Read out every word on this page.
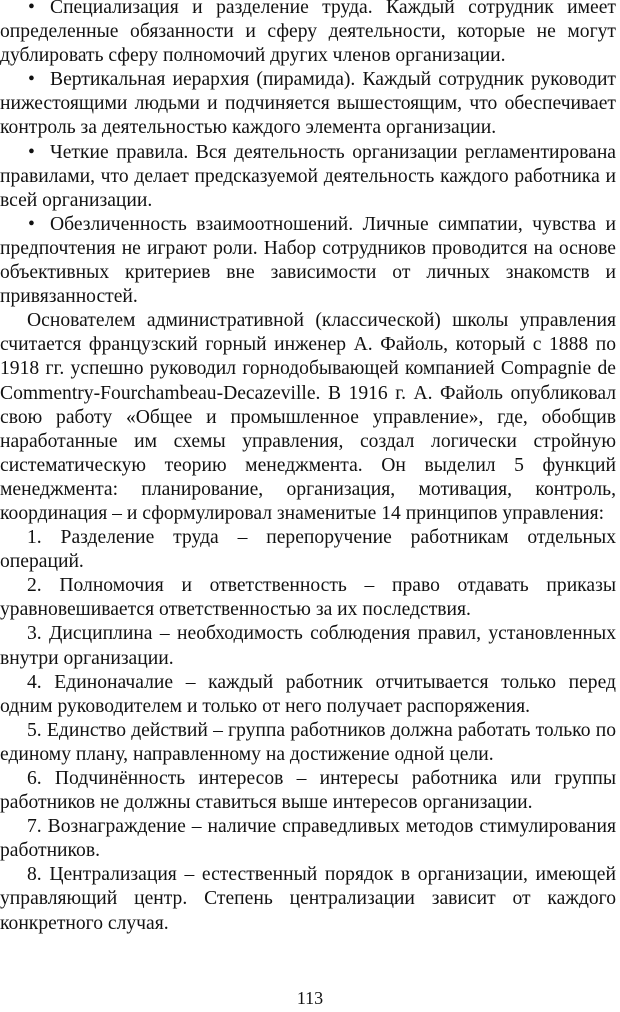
• Специализация и разделение труда. Каждый сотрудник имеет определенные обязанности и сферу деятельности, которые не могут дублировать сферу полномочий других членов организации.

• Вертикальная иерархия (пирамида). Каждый сотрудник руководит нижестоящими людьми и подчиняется вышестоящим, что обеспечивает контроль за деятельностью каждого элемента организации.

• Четкие правила. Вся деятельность организации регламентирована правилами, что делает предсказуемой деятельность каждого работника и всей организации.

• Обезличенность взаимоотношений. Личные симпатии, чувства и предпочтения не играют роли. Набор сотрудников проводится на основе объективных критериев вне зависимости от личных знакомств и привязанностей.

Основателем административной (классической) школы управления считается французский горный инженер А. Файоль, который с 1888 по 1918 гг. успешно руководил горнодобывающей компанией Compagnie de Commentry-Fourchambeau-Decazeville. В 1916 г. А. Файоль опубликовал свою работу «Общее и промышленное управление», где, обобщив наработанные им схемы управления, создал логически стройную систематическую теорию менеджмента. Он выделил 5 функций менеджмента: планирование, организация, мотивация, контроль, координация – и сформулировал знаменитые 14 принципов управления:

1. Разделение труда – перепоручение работникам отдельных операций.

2. Полномочия и ответственность – право отдавать приказы уравновешивается ответственностью за их последствия.

3. Дисциплина – необходимость соблюдения правил, установленных внутри организации.

4. Единоначалие – каждый работник отчитывается только перед одним руководителем и только от него получает распоряжения.

5. Единство действий – группа работников должна работать только по единому плану, направленному на достижение одной цели.

6. Подчинённость интересов – интересы работника или группы работников не должны ставиться выше интересов организации.

7. Вознаграждение – наличие справедливых методов стимулирования работников.

8. Централизация – естественный порядок в организации, имеющей управляющий центр. Степень централизации зависит от каждого конкретного случая.

113
